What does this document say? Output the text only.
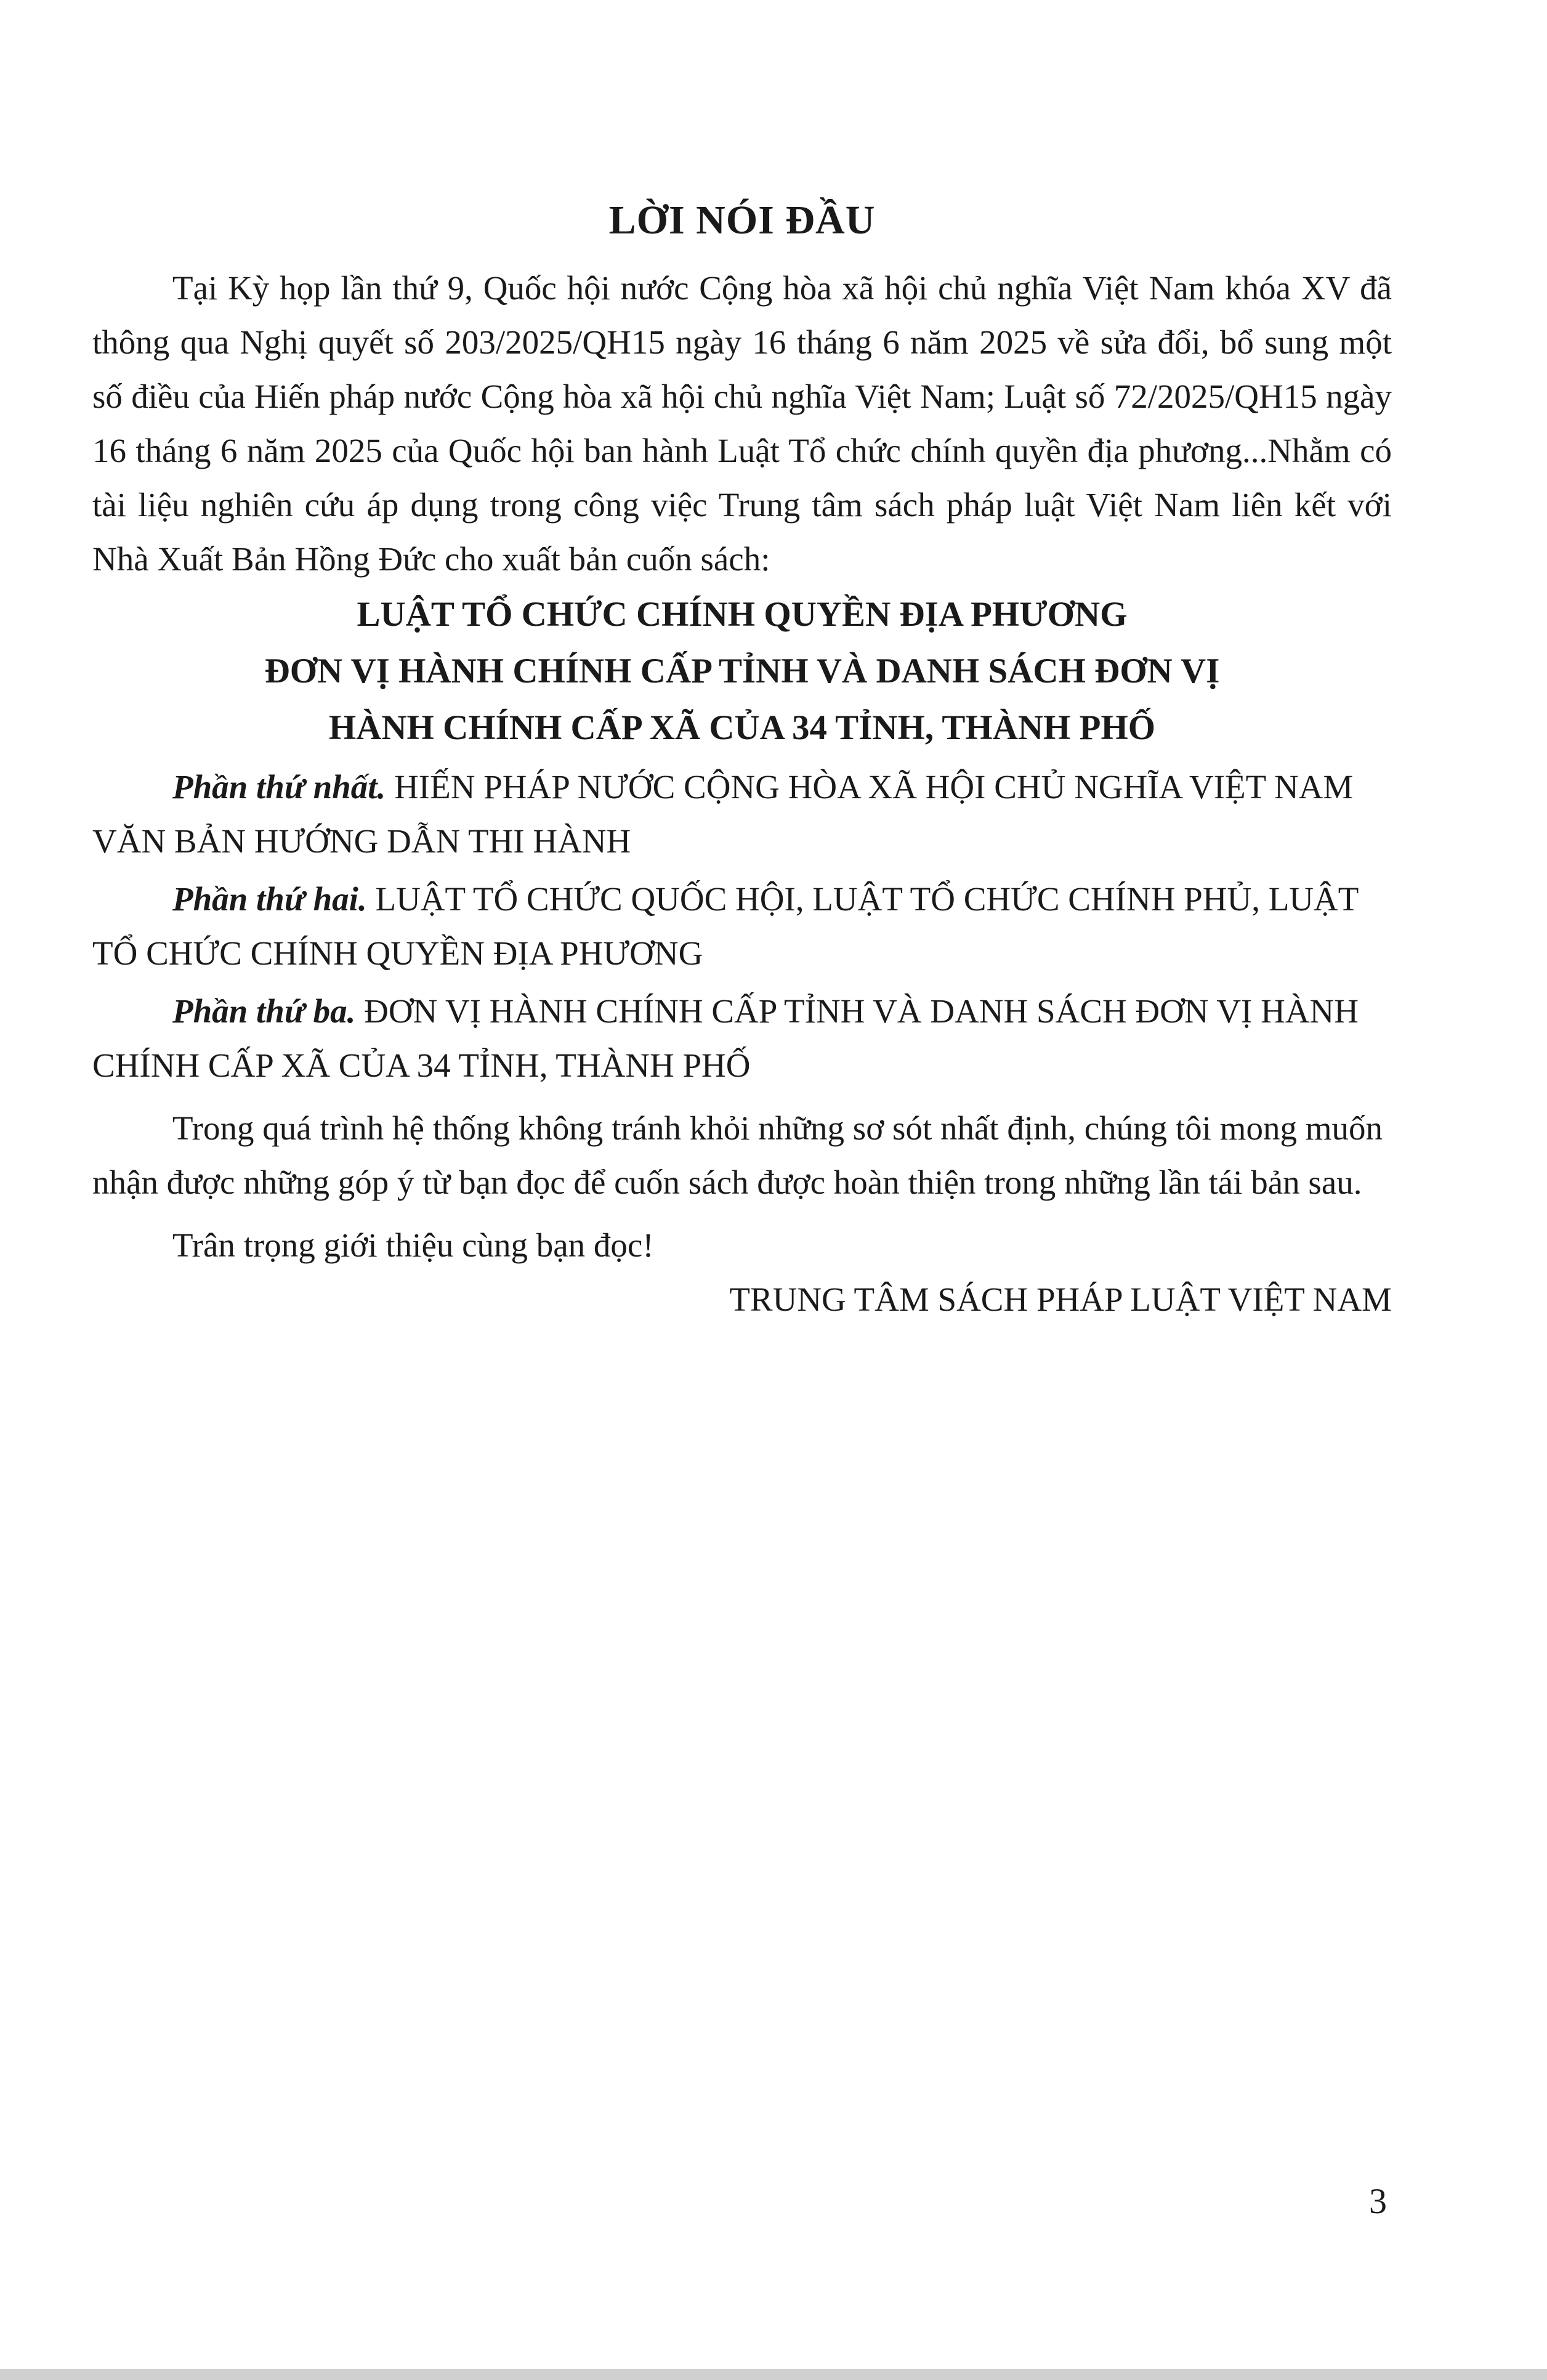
LỜI NÓI ĐẦU

Tại Kỳ họp lần thứ 9, Quốc hội nước Cộng hòa xã hội chủ nghĩa Việt Nam khóa XV đã thông qua Nghị quyết số 203/2025/QH15 ngày 16 tháng 6 năm 2025 về sửa đổi, bổ sung một số điều của Hiến pháp nước Cộng hòa xã hội chủ nghĩa Việt Nam; Luật số 72/2025/QH15 ngày 16 tháng 6 năm 2025 của Quốc hội ban hành Luật Tổ chức chính quyền địa phương...Nhằm có tài liệu nghiên cứu áp dụng trong công việc Trung tâm sách pháp luật Việt Nam liên kết với Nhà Xuất Bản Hồng Đức cho xuất bản cuốn sách:

LUẬT TỔ CHỨC CHÍNH QUYỀN ĐỊA PHƯƠNG

ĐƠN VỊ HÀNH CHÍNH CẤP TỈNH VÀ DANH SÁCH ĐƠN VỊ

HÀNH CHÍNH CẤP XÃ CỦA 34 TỈNH, THÀNH PHỐ

Phần thứ nhất. HIẾN PHÁP NƯỚC CỘNG HÒA XÃ HỘI CHỦ NGHĨA VIỆT NAM VĂN BẢN HƯỚNG DẪN THI HÀNH

Phần thứ hai. LUẬT TỔ CHỨC QUỐC HỘI, LUẬT TỔ CHỨC CHÍNH PHỦ, LUẬT TỔ CHỨC CHÍNH QUYỀN ĐỊA PHƯƠNG

Phần thứ ba. ĐƠN VỊ HÀNH CHÍNH CẤP TỈNH VÀ DANH SÁCH ĐƠN VỊ HÀNH CHÍNH CẤP XÃ CỦA 34 TỈNH, THÀNH PHỐ

Trong quá trình hệ thống không tránh khỏi những sơ sót nhất định, chúng tôi mong muốn nhận được những góp ý từ bạn đọc để cuốn sách được hoàn thiện trong những lần tái bản sau.

Trân trọng giới thiệu cùng bạn đọc!

TRUNG TÂM SÁCH PHÁP LUẬT VIỆT NAM

3
